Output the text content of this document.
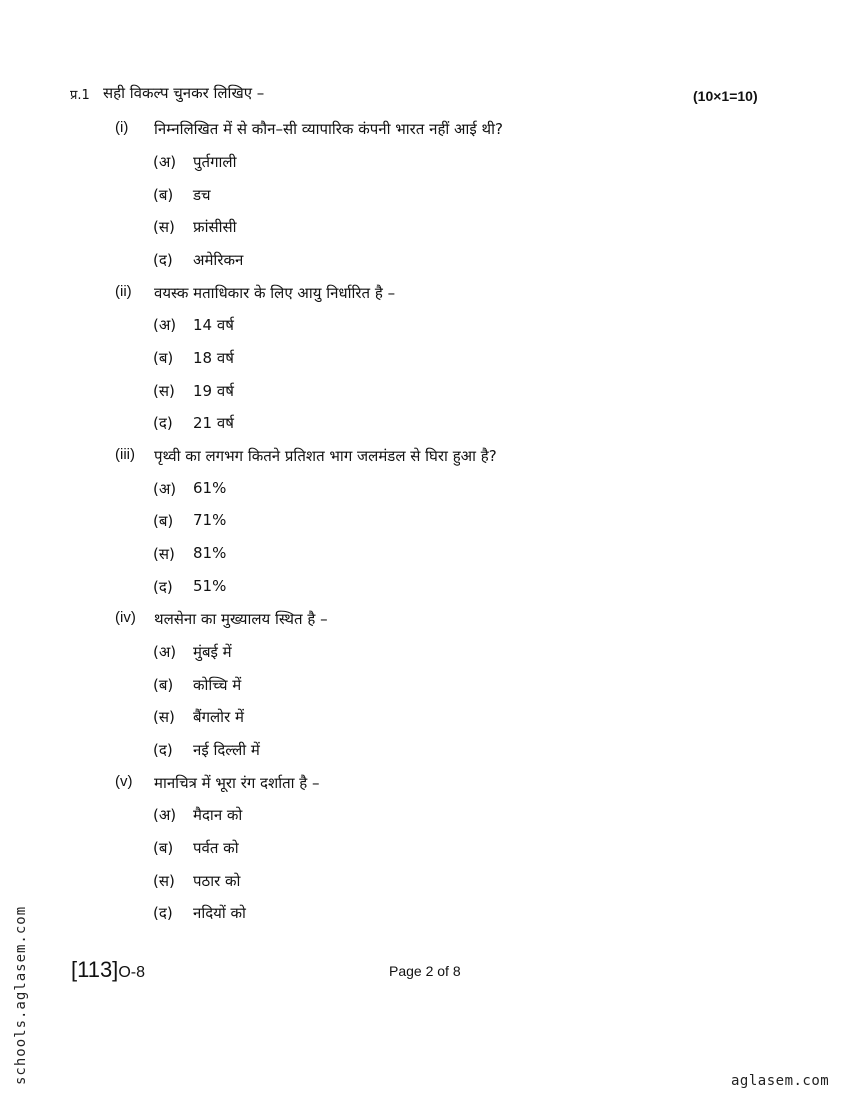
प्र.1 सही विकल्प चुनकर लिखिए –	(10×1=10)
(i) निम्नलिखित में से कौन–सी व्यापारिक कंपनी भारत नहीं आई थी?
(अ) पुर्तगाली
(ब) डच
(स) फ्रांसीसी
(द) अमेरिकन
(ii) वयस्क मताधिकार के लिए आयु निर्धारित है –
(अ) 14 वर्ष
(ब) 18 वर्ष
(स) 19 वर्ष
(द) 21 वर्ष
(iii) पृथ्वी का लगभग कितने प्रतिशत भाग जलमंडल से घिरा हुआ है?
(अ) 61%
(ब) 71%
(स) 81%
(द) 51%
(iv) थलसेना का मुख्यालय स्थित है –
(अ) मुंबई में
(ब) कोच्चि में
(स) बैंगलोर में
(द) नई दिल्ली में
(v) मानचित्र में भूरा रंग दर्शाता है –
(अ) मैदान को
(ब) पर्वत को
(स) पठार को
(द) नदियों को
[113]O-8	Page 2 of 8
schools.aglasem.com	aglasem.com
